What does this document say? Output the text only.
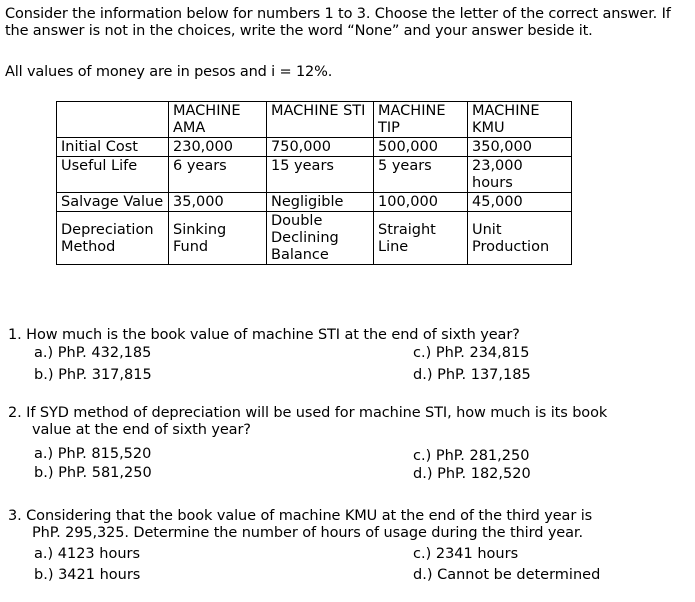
Consider the information below for numbers 1 to 3. Choose the letter of the correct answer. If
the answer is not in the choices, write the word “None” and your answer beside it.
All values of money are in pesos and i = 12%.
	MACHINE AMA	MACHINE STI	MACHINE TIP	MACHINE KMU
Initial Cost	230,000	750,000	500,000	350,000
Useful Life	6 years	15 years	5 years	23,000 hours
Salvage Value	35,000	Negligible	100,000	45,000
Depreciation Method	Sinking Fund	Double Declining Balance	Straight Line	Unit Production
1. How much is the book value of machine STI at the end of sixth year?
a.) PhP. 432,185
b.) PhP. 317,815
c.) PhP. 234,815
d.) PhP. 137,185
2. If SYD method of depreciation will be used for machine STI, how much is its book
value at the end of sixth year?
a.) PhP. 815,520
b.) PhP. 581,250
c.) PhP. 281,250
d.) PhP. 182,520
3. Considering that the book value of machine KMU at the end of the third year is
PhP. 295,325. Determine the number of hours of usage during the third year.
a.) 4123 hours
b.) 3421 hours
c.) 2341 hours
d.) Cannot be determined
